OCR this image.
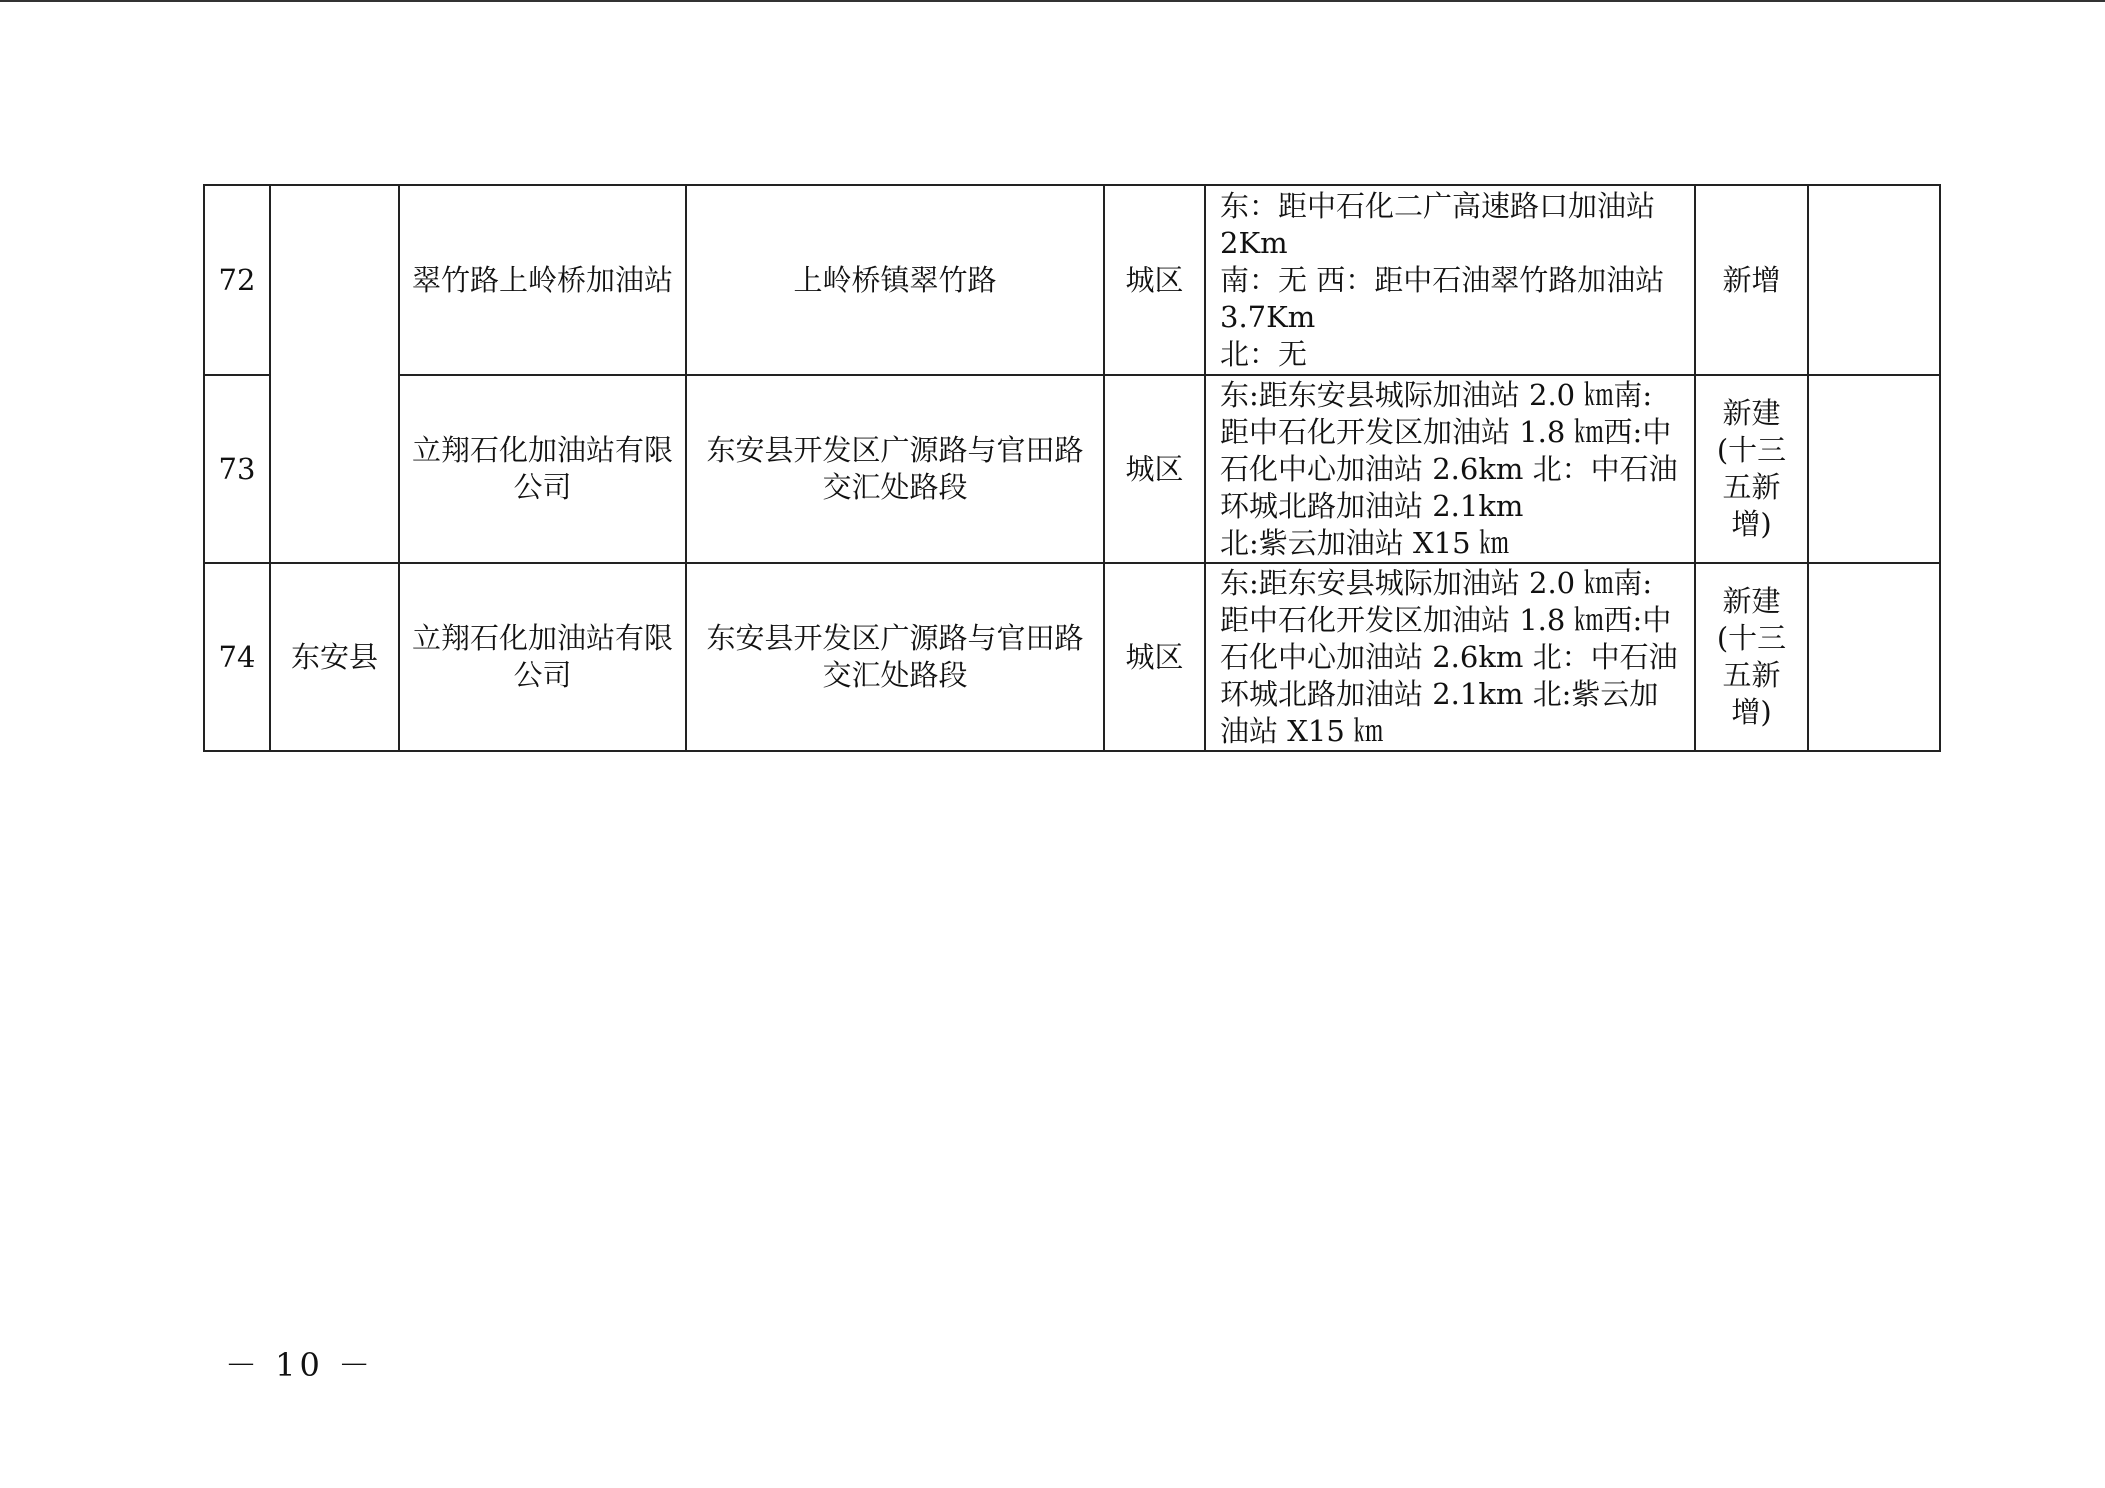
72		翠竹路上岭桥加油站	上岭桥镇翠竹路	城区	东：距中石化二广高速路口加油站
2Km
南：无 西：距中石油翠竹路加油站
3.7Km
北：无	新增	
73		立翔石化加油站有限公司	东安县开发区广源路与官田路交汇处路段	城区	东:距东安县城际加油站 2.0 ㎞南:距中石化开发区加油站 1.8 ㎞西:中石化中心加油站 2.6km 北：中石油环城北路加油站 2.1km
北:紫云加油站 X15 ㎞	新建(十三五新增)	
74	东安县	立翔石化加油站有限公司	东安县开发区广源路与官田路交汇处路段	城区	东:距东安县城际加油站 2.0 ㎞南:距中石化开发区加油站 1.8 ㎞西:中石化中心加油站 2.6km 北：中石油环城北路加油站 2.1km 北:紫云加油站 X15 ㎞	新建(十三五新增)	
－ 10 －
